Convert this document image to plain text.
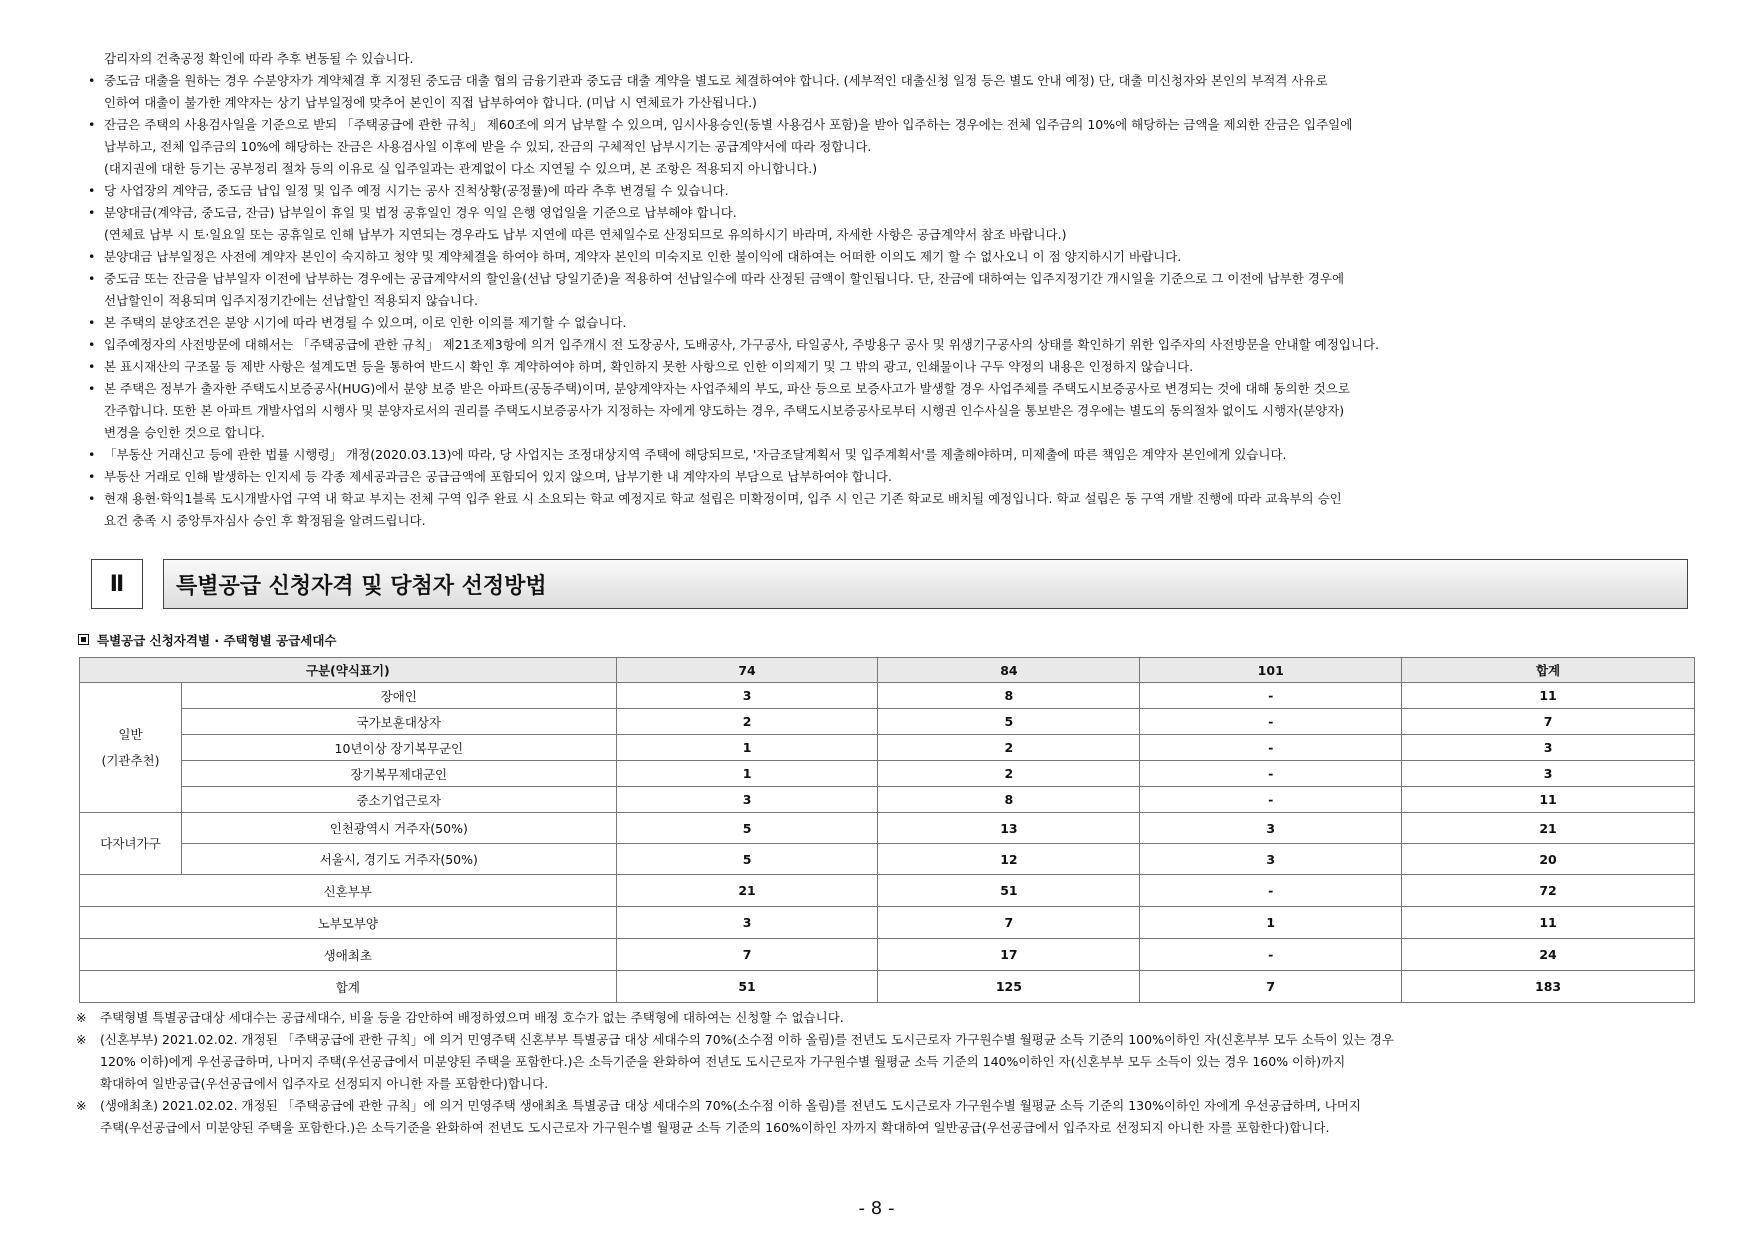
감리자의 건축공정 확인에 따라 추후 변동될 수 있습니다.
• 중도금 대출을 원하는 경우 수분양자가 계약체결 후 지정된 중도금 대출 협의 금융기관과 중도금 대출 계약을 별도로 체결하여야 합니다. (세부적인 대출신청 일정 등은 별도 안내 예정) 단, 대출 미신청자와 본인의 부적격 사유로
인하여 대출이 불가한 계약자는 상기 납부일정에 맞추어 본인이 직접 납부하여야 합니다. (미납 시 연체료가 가산됩니다.)
• 잔금은 주택의 사용검사일을 기준으로 받되 「주택공급에 관한 규칙」 제60조에 의거 납부할 수 있으며, 임시사용승인(동별 사용검사 포함)을 받아 입주하는 경우에는 전체 입주금의 10%에 해당하는 금액을 제외한 잔금은 입주일에
납부하고, 전체 입주금의 10%에 해당하는 잔금은 사용검사일 이후에 받을 수 있되, 잔금의 구체적인 납부시기는 공급계약서에 따라 정합니다.
(대지권에 대한 등기는 공부정리 절차 등의 이유로 실 입주일과는 관계없이 다소 지연될 수 있으며, 본 조항은 적용되지 아니합니다.)
• 당 사업장의 계약금, 중도금 납입 일정 및 입주 예정 시기는 공사 진척상황(공정률)에 따라 추후 변경될 수 있습니다.
• 분양대금(계약금, 중도금, 잔금) 납부일이 휴일 및 법정 공휴일인 경우 익일 은행 영업일을 기준으로 납부해야 합니다.
(연체료 납부 시 토·일요일 또는 공휴일로 인해 납부가 지연되는 경우라도 납부 지연에 따른 연체일수로 산정되므로 유의하시기 바라며, 자세한 사항은 공급계약서 참조 바랍니다.)
• 분양대금 납부일정은 사전에 계약자 본인이 숙지하고 청약 및 계약체결을 하여야 하며, 계약자 본인의 미숙지로 인한 불이익에 대하여는 어떠한 이의도 제기 할 수 없사오니 이 점 양지하시기 바랍니다.
• 중도금 또는 잔금을 납부일자 이전에 납부하는 경우에는 공급계약서의 할인율(선납 당일기준)을 적용하여 선납일수에 따라 산정된 금액이 할인됩니다. 단, 잔금에 대하여는 입주지정기간 개시일을 기준으로 그 이전에 납부한 경우에
선납할인이 적용되며 입주지정기간에는 선납할인 적용되지 않습니다.
• 본 주택의 분양조건은 분양 시기에 따라 변경될 수 있으며, 이로 인한 이의를 제기할 수 없습니다.
• 입주예정자의 사전방문에 대해서는 「주택공급에 관한 규칙」 제21조제3항에 의거 입주개시 전 도장공사, 도배공사, 가구공사, 타일공사, 주방용구 공사 및 위생기구공사의 상태를 확인하기 위한 입주자의 사전방문을 안내할 예정입니다.
• 본 표시재산의 구조물 등 제반 사항은 설계도면 등을 통하여 반드시 확인 후 계약하여야 하며, 확인하지 못한 사항으로 인한 이의제기 및 그 밖의 광고, 인쇄물이나 구두 약정의 내용은 인정하지 않습니다.
• 본 주택은 정부가 출자한 주택도시보증공사(HUG)에서 분양 보증 받은 아파트(공동주택)이며, 분양계약자는 사업주체의 부도, 파산 등으로 보증사고가 발생할 경우 사업주체를 주택도시보증공사로 변경되는 것에 대해 동의한 것으로
간주합니다. 또한 본 아파트 개발사업의 시행사 및 분양자로서의 권리를 주택도시보증공사가 지정하는 자에게 양도하는 경우, 주택도시보증공사로부터 시행권 인수사실을 통보받은 경우에는 별도의 동의절차 없이도 시행자(분양자)
변경을 승인한 것으로 합니다.
• 「부동산 거래신고 등에 관한 법률 시행령」 개정(2020.03.13)에 따라, 당 사업지는 조정대상지역 주택에 해당되므로, '자금조달계획서 및 입주계획서'를 제출해야하며, 미제출에 따른 책임은 계약자 본인에게 있습니다.
• 부동산 거래로 인해 발생하는 인지세 등 각종 제세공과금은 공급금액에 포함되어 있지 않으며, 납부기한 내 계약자의 부담으로 납부하여야 합니다.
• 현재 용현·학익1블록 도시개발사업 구역 내 학교 부지는 전체 구역 입주 완료 시 소요되는 학교 예정지로 학교 설립은 미확정이며, 입주 시 인근 기존 학교로 배치될 예정입니다. 학교 설립은 동 구역 개발 진행에 따라 교육부의 승인
요건 충족 시 중앙투자심사 승인 후 확정됨을 알려드립니다.
Ⅱ	특별공급 신청자격 및 당첨자 선정방법
특별공급 신청자격별 · 주택형별 공급세대수
구분(약식표기)		74	84	101	합계
일반
(기관추천)	장애인	3	8	-	11
	국가보훈대상자	2	5	-	7
	10년이상 장기복무군인	1	2	-	3
	장기복무제대군인	1	2	-	3
	중소기업근로자	3	8	-	11
다자녀가구	인천광역시 거주자(50%)	5	13	3	21
	서울시, 경기도 거주자(50%)	5	12	3	20
신혼부부		21	51	-	72
노부모부양		3	7	1	11
생애최초		7	17	-	24
합계		51	125	7	183
※ 주택형별 특별공급대상 세대수는 공급세대수, 비율 등을 감안하여 배정하였으며 배정 호수가 없는 주택형에 대하여는 신청할 수 없습니다.
※ (신혼부부) 2021.02.02. 개정된 「주택공급에 관한 규칙」에 의거 민영주택 신혼부부 특별공급 대상 세대수의 70%(소수점 이하 올림)를 전년도 도시근로자 가구원수별 월평균 소득 기준의 100%이하인 자(신혼부부 모두 소득이 있는 경우
120% 이하)에게 우선공급하며, 나머지 주택(우선공급에서 미분양된 주택을 포함한다.)은 소득기준을 완화하여 전년도 도시근로자 가구원수별 월평균 소득 기준의 140%이하인 자(신혼부부 모두 소득이 있는 경우 160% 이하)까지
확대하여 일반공급(우선공급에서 입주자로 선정되지 아니한 자를 포함한다)합니다.
※ (생애최초) 2021.02.02. 개정된 「주택공급에 관한 규칙」에 의거 민영주택 생애최초 특별공급 대상 세대수의 70%(소수점 이하 올림)를 전년도 도시근로자 가구원수별 월평균 소득 기준의 130%이하인 자에게 우선공급하며, 나머지
주택(우선공급에서 미분양된 주택을 포함한다.)은 소득기준을 완화하여 전년도 도시근로자 가구원수별 월평균 소득 기준의 160%이하인 자까지 확대하여 일반공급(우선공급에서 입주자로 선정되지 아니한 자를 포함한다)합니다.
- 8 -
